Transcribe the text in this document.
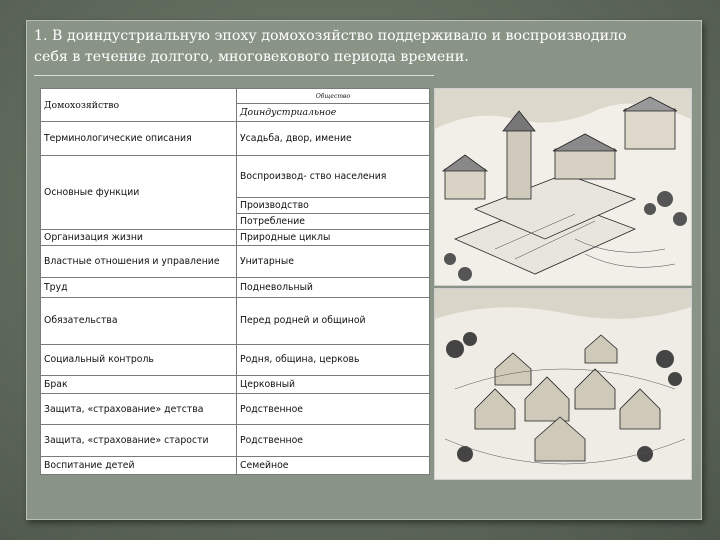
1. В доиндустриальную эпоху домохозяйство поддерживало и воспроизводило
себя в течение долгого, многовекового периода времени.
Домохозяйство	Общество
	Доиндустриальное
Терминологические описания	Усадьба, двор, имение
Основные функции	Воспроизвод- ство населения
	Производство
	Потребление
Организация жизни	Природные циклы
Властные отношения и управление	Унитарные
Труд	Подневольный
Обязательства	Перед родней и общиной
Социальный контроль	Родня, община, церковь
Брак	Церковный
Защита, «страхование» детства	Родственное
Защита, «страхование» старости	Родственное
Воспитание детей	Семейное
